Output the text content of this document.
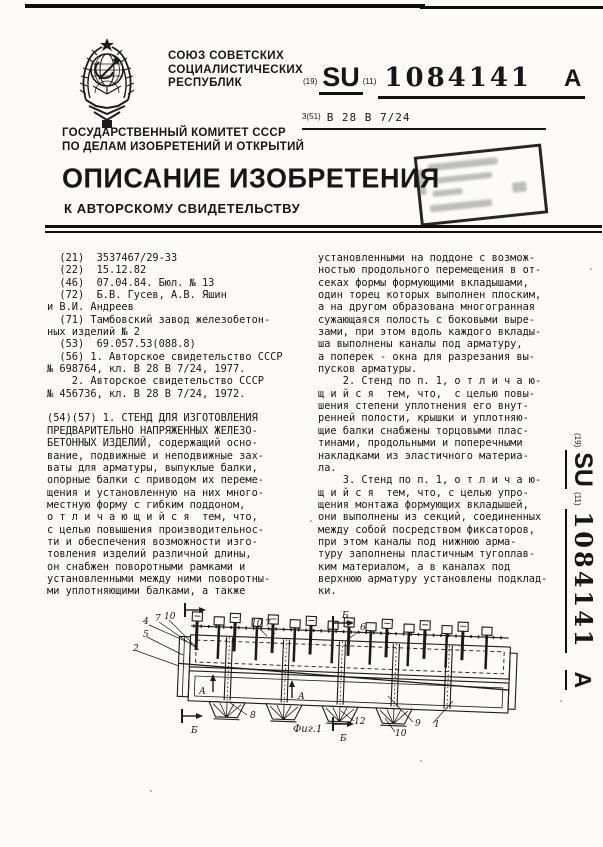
СОЮЗ СОВЕТСКИХ
СОЦИАЛИСТИЧЕСКИХ
РЕСПУБЛИК	(19) SU (11) 1084141 A
3(51) В 28 В 7/24
ГОСУДАРСТВЕННЫЙ КОМИТЕТ СССР
ПО ДЕЛАМ ИЗОБРЕТЕНИЙ И ОТКРЫТИЙ
ОПИСАНИЕ ИЗОБРЕТЕНИЯ
К АВТОРСКОМУ СВИДЕТЕЛЬСТВУ
(21)  3537467/29-33
(22)  15.12.82
(46)  07.04.84. Бюл. № 13
(72)  Б.В. Гусев, А.В. Яшин
и В.И. Андреев
(71) Тамбовский завод железобетон-
ных изделий № 2
(53)  69.057.53(088.8)
(56) 1. Авторское свидетельство СССР
№ 698764, кл. В 28 В 7/24, 1977.
2. Авторское свидетельство СССР
№ 456736, кл. В 28 В 7/24, 1972.

(54)(57) 1. СТЕНД ДЛЯ ИЗГОТОВЛЕНИЯ
ПРЕДВАРИТЕЛЬНО НАПРЯЖЕННЫХ ЖЕЛЕЗО-
БЕТОННЫХ ИЗДЕЛИЙ, содержащий осно-
вание, подвижные и неподвижные зах-
ваты для арматуры, выпуклые балки,
опорные балки с приводом их переме-
щения и установленную на них много-
местную форму с гибким поддоном,
о т л и ч а ю щ и й с я  тем, что,
с целью повышения производительнос-
ти и обеспечения возможности изго-
товления изделий различной длины,
он снабжен поворотными рамками и
установленными между ними поворотны-
ми уплотняющими балками, а также
установленными на поддоне с возмож-
ностью продольного перемещения в от-
секах формы формующими вкладышами,
один торец которых выполнен плоским,
а на другом образована многогранная
сужающаяся полость с боковыми выре-
зами, при этом вдоль каждого вклады-
ша выполнены каналы под арматуру,
а поперек - окна для разрезания вы-
пусков арматуры.
2. Стенд по п. 1, о т л и ч а ю-
щ и й с я  тем, что,  с целью повы-
шения степени уплотнения его внут-
ренней полости, крышки и уплотняю-
щие балки снабжены торцовыми плас-
тинами, продольными и поперечными
накладками из эластичного материа-
ла.
3. Стенд по п. 1, о т л и ч а ю-
щ и й с я  тем, что, с целью упро-
щения монтажа формующих вкладышей,
они выполнены из секций, соединенных
между собой посредством фиксаторов,
при этом каналы под нижнюю арма-
туру заполнены пластичным тугоплав-
ким материалом, а в каналах под
верхнюю арматуру установлены подклад-
ки.
(19)
SU
(11)
1084141
A
4 7 10
5
2
10 7	6
8
12
10
9 1
Б
Б
Б
А	А
Фиг.1
